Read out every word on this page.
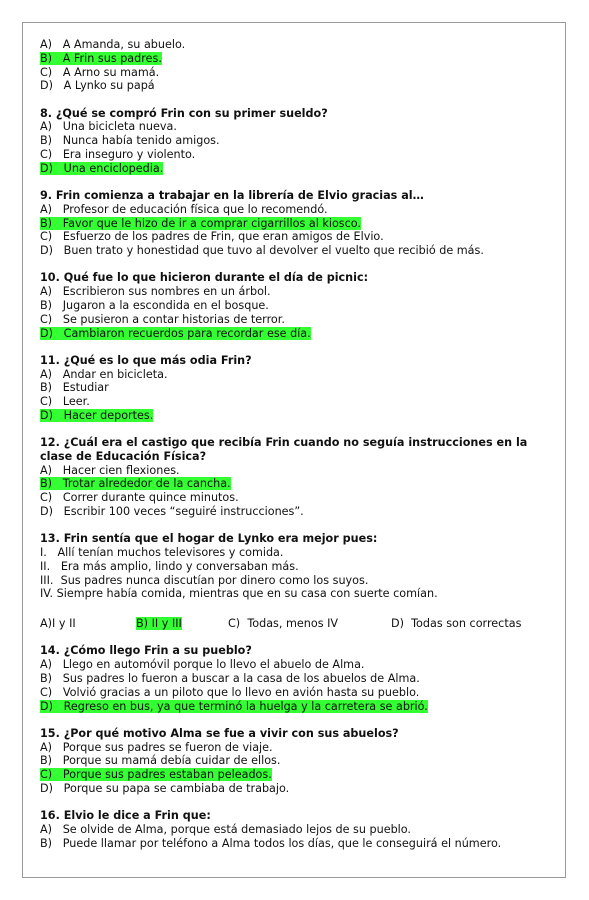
A) A Amanda, su abuelo.
B) A Frin sus padres.
C) A Arno su mamá.
D) A Lynko su papá
8. ¿Qué se compró Frin con su primer sueldo?
A) Una bicicleta nueva.
B) Nunca había tenido amigos.
C) Era inseguro y violento.
D) Una enciclopedia.
9. Frin comienza a trabajar en la librería de Elvio gracias al…
A) Profesor de educación física que lo recomendó.
B) Favor que le hizo de ir a comprar cigarrillos al kiosco.
C) Esfuerzo de los padres de Frin, que eran amigos de Elvio.
D) Buen trato y honestidad que tuvo al devolver el vuelto que recibió de más.
10. Qué fue lo que hicieron durante el día de picnic:
A) Escribieron sus nombres en un árbol.
B) Jugaron a la escondida en el bosque.
C) Se pusieron a contar historias de terror.
D) Cambiaron recuerdos para recordar ese día.
11. ¿Qué es lo que más odia Frin?
A) Andar en bicicleta.
B) Estudiar
C) Leer.
D) Hacer deportes.
12. ¿Cuál era el castigo que recibía Frin cuando no seguía instrucciones en la clase de Educación Física?
A) Hacer cien flexiones.
B) Trotar alrededor de la cancha.
C) Correr durante quince minutos.
D) Escribir 100 veces “seguiré instrucciones”.
13. Frin sentía que el hogar de Lynko era mejor pues:
I. Allí tenían muchos televisores y comida.
II. Era más amplio, lindo y conversaban más.
III. Sus padres nunca discutían por dinero como los suyos.
IV. Siempre había comida, mientras que en su casa con suerte comían.
A)I y II	B) II y III	C) Todas, menos IV	D) Todas son correctas
14. ¿Cómo llego Frin a su pueblo?
A) Llego en automóvil porque lo llevo el abuelo de Alma.
B) Sus padres lo fueron a buscar a la casa de los abuelos de Alma.
C) Volvió gracias a un piloto que lo llevo en avión hasta su pueblo.
D) Regreso en bus, ya que terminó la huelga y la carretera se abrió.
15. ¿Por qué motivo Alma se fue a vivir con sus abuelos?
A) Porque sus padres se fueron de viaje.
B) Porque su mamá debía cuidar de ellos.
C) Porque sus padres estaban peleados.
D) Porque su papa se cambiaba de trabajo.
16. Elvio le dice a Frin que:
A) Se olvide de Alma, porque está demasiado lejos de su pueblo.
B) Puede llamar por teléfono a Alma todos los días, que le conseguirá el número.
